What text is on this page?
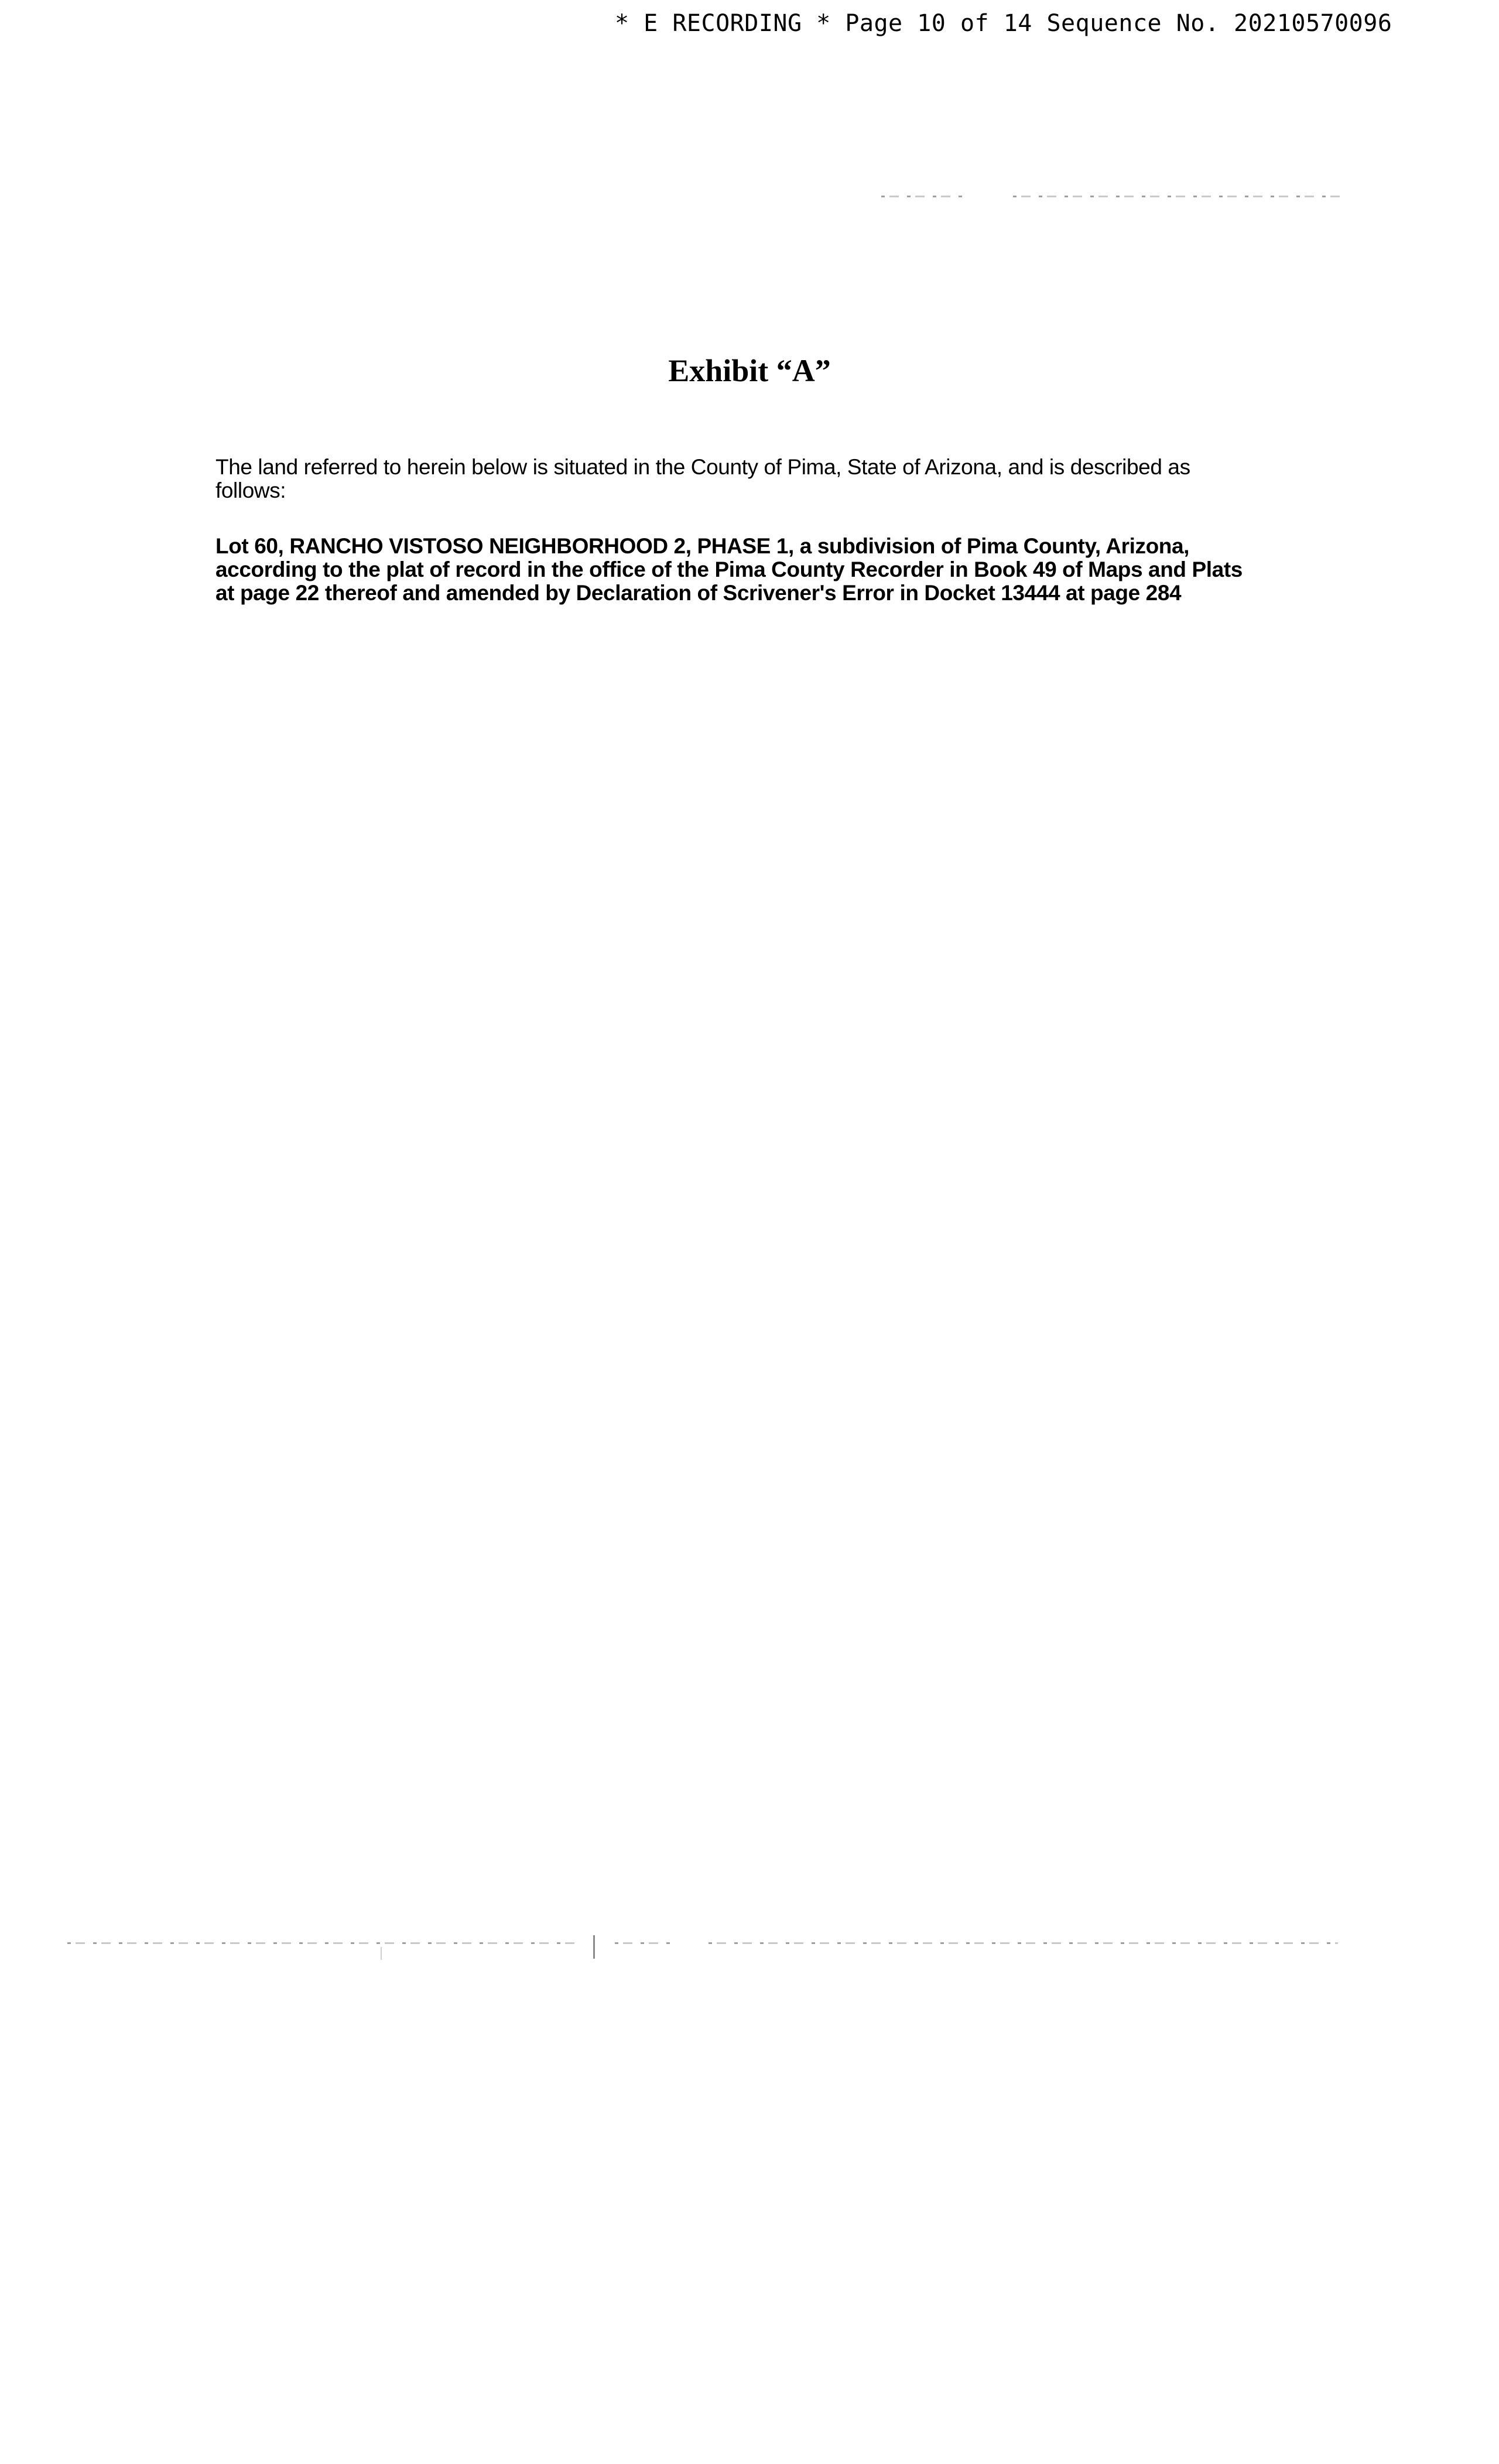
* E RECORDING * Page 10 of 14 Sequence No. 20210570096
Exhibit “A”
The land referred to herein below is situated in the County of Pima, State of Arizona, and is described as follows:
Lot 60, RANCHO VISTOSO NEIGHBORHOOD 2, PHASE 1, a subdivision of Pima County, Arizona, according to the plat of record in the office of the Pima County Recorder in Book 49 of Maps and Plats at page 22 thereof and amended by Declaration of Scrivener's Error in Docket 13444 at page 284
